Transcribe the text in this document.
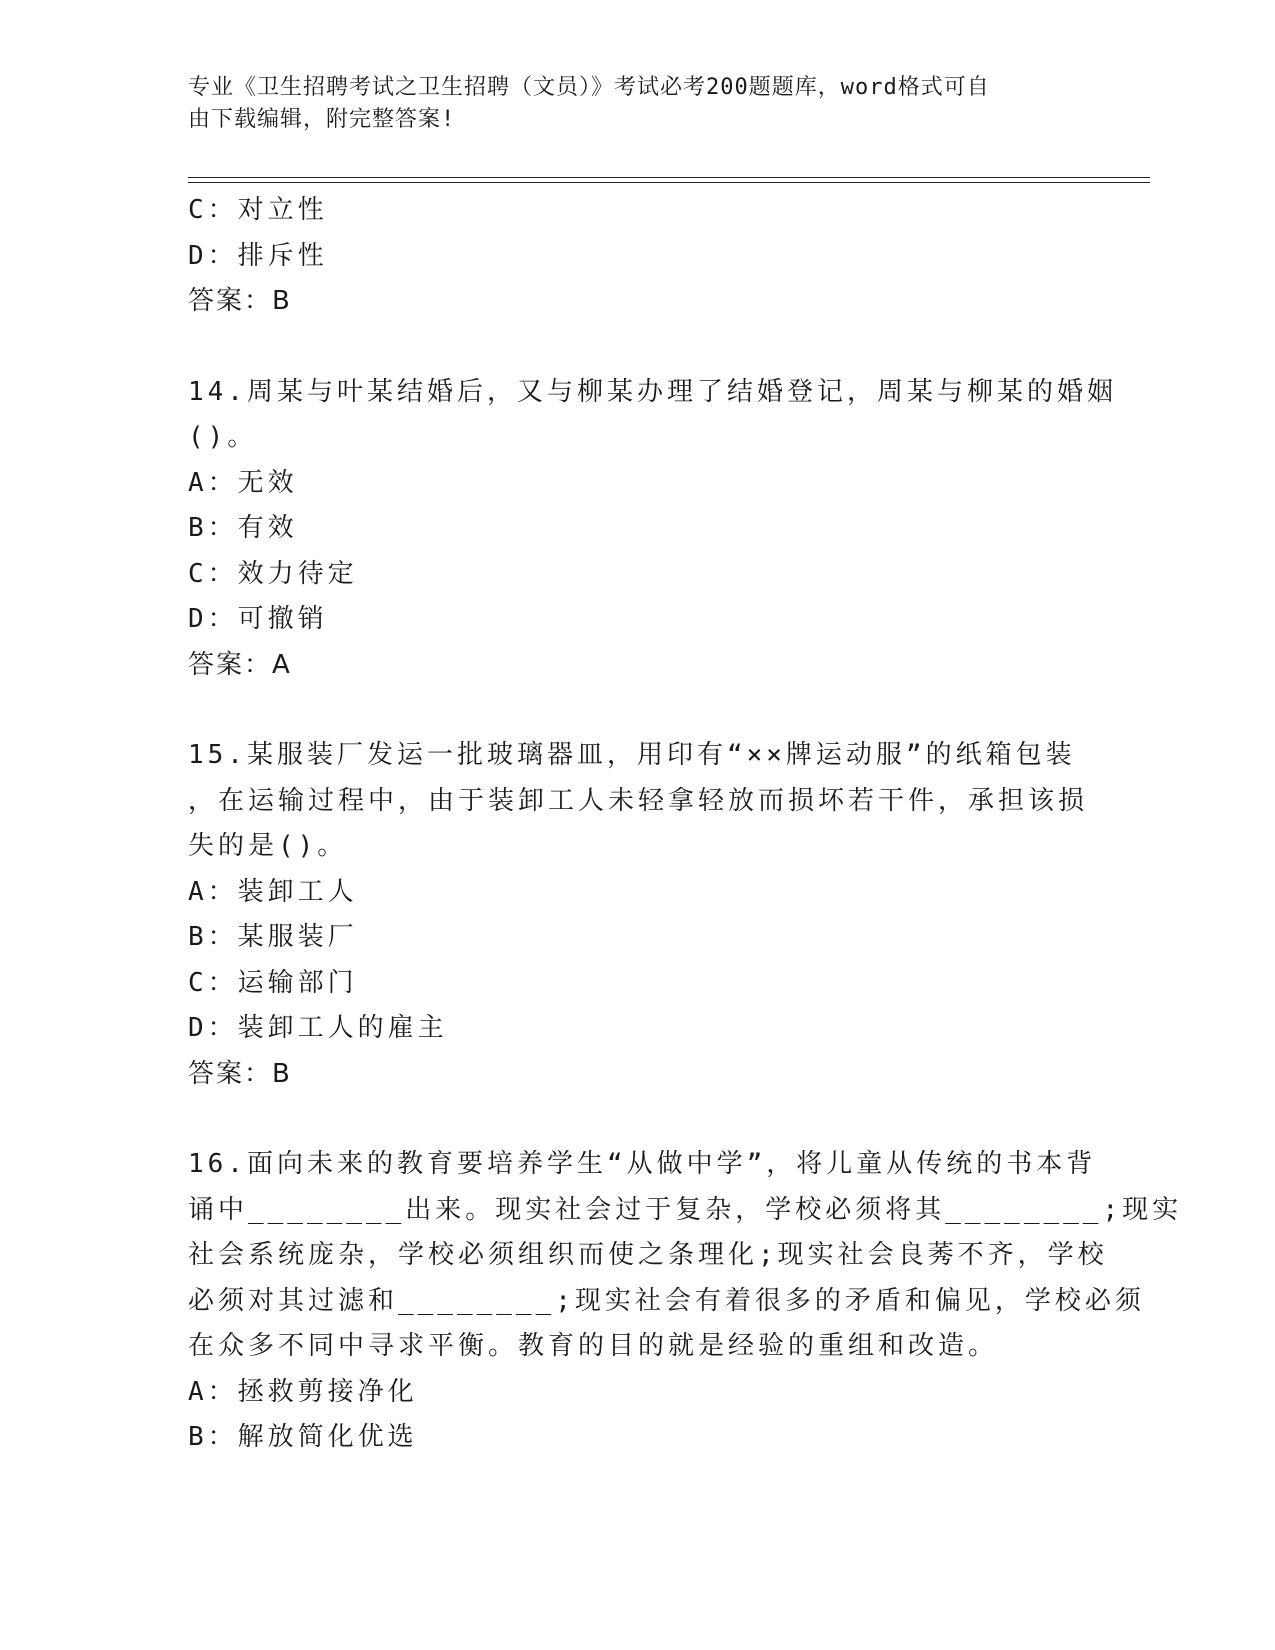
专业《卫生招聘考试之卫生招聘（文员）》考试必考200题题库，word格式可自
由下载编辑，附完整答案!
C：对立性
D：排斥性
答案：B
14.周某与叶某结婚后，又与柳某办理了结婚登记，周某与柳某的婚姻
()。
A：无效
B：有效
C：效力待定
D：可撤销
答案：A
15.某服装厂发运一批玻璃器皿，用印有“××牌运动服”的纸箱包装
，在运输过程中，由于装卸工人未轻拿轻放而损坏若干件，承担该损
失的是()。
A：装卸工人
B：某服装厂
C：运输部门
D：装卸工人的雇主
答案：B
16.面向未来的教育要培养学生“从做中学”，将儿童从传统的书本背
诵中________出来。现实社会过于复杂，学校必须将其________;现实
社会系统庞杂，学校必须组织而使之条理化;现实社会良莠不齐，学校
必须对其过滤和________;现实社会有着很多的矛盾和偏见，学校必须
在众多不同中寻求平衡。教育的目的就是经验的重组和改造。
A：拯救剪接净化
B：解放简化优选
